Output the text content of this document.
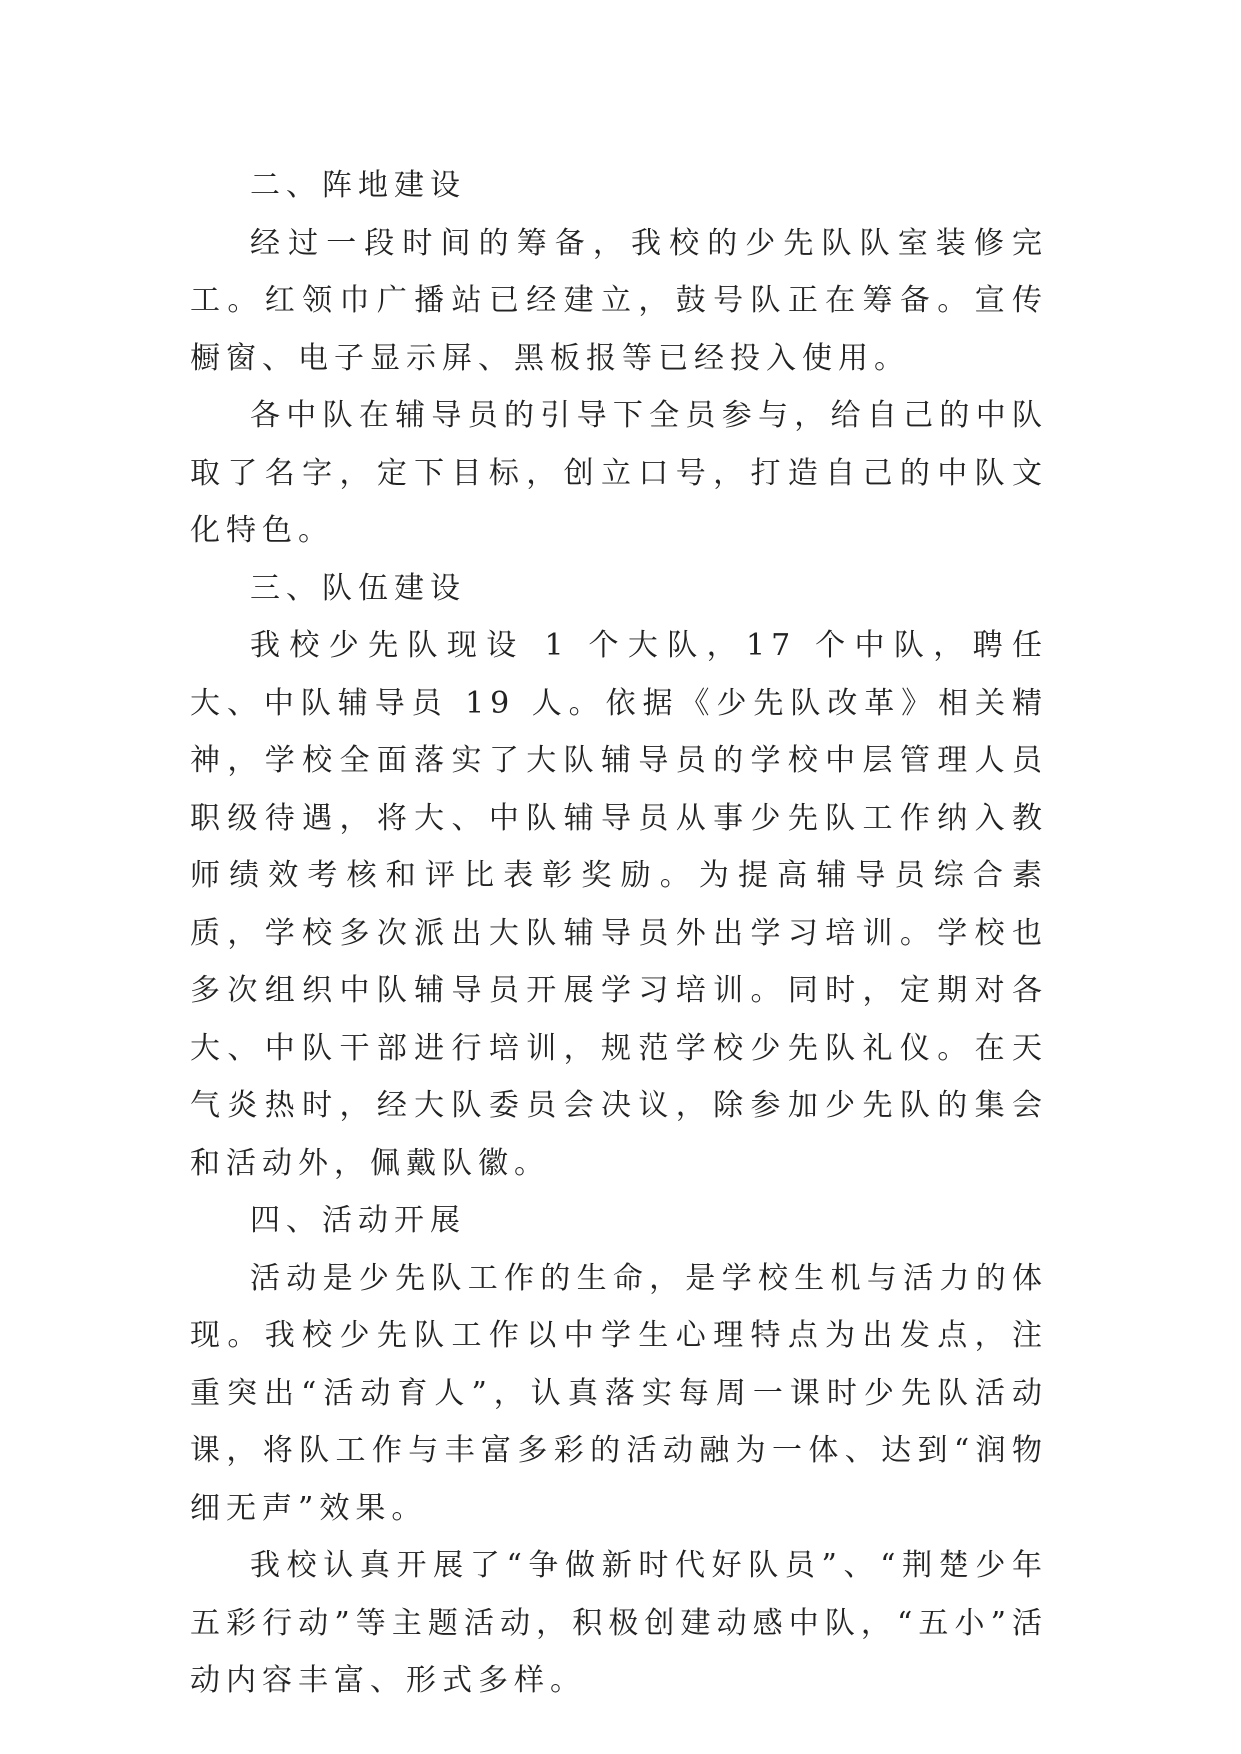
二、阵地建设

经过一段时间的筹备，我校的少先队队室装修完工。红领巾广播站已经建立，鼓号队正在筹备。宣传橱窗、电子显示屏、黑板报等已经投入使用。

各中队在辅导员的引导下全员参与，给自己的中队取了名字，定下目标，创立口号，打造自己的中队文化特色。

三、队伍建设

我校少先队现设 1 个大队，17 个中队，聘任大、中队辅导员 19 人。依据《少先队改革》相关精神，学校全面落实了大队辅导员的学校中层管理人员职级待遇，将大、中队辅导员从事少先队工作纳入教师绩效考核和评比表彰奖励。为提高辅导员综合素质，学校多次派出大队辅导员外出学习培训。学校也多次组织中队辅导员开展学习培训。同时，定期对各大、中队干部进行培训，规范学校少先队礼仪。在天气炎热时，经大队委员会决议，除参加少先队的集会和活动外，佩戴队徽。

四、活动开展

活动是少先队工作的生命，是学校生机与活力的体现。我校少先队工作以中学生心理特点为出发点，注重突出“活动育人”，认真落实每周一课时少先队活动课，将队工作与丰富多彩的活动融为一体、达到“润物细无声”效果。

我校认真开展了“争做新时代好队员”、“荆楚少年五彩行动”等主题活动，积极创建动感中队，“五小”活动内容丰富、形式多样。
